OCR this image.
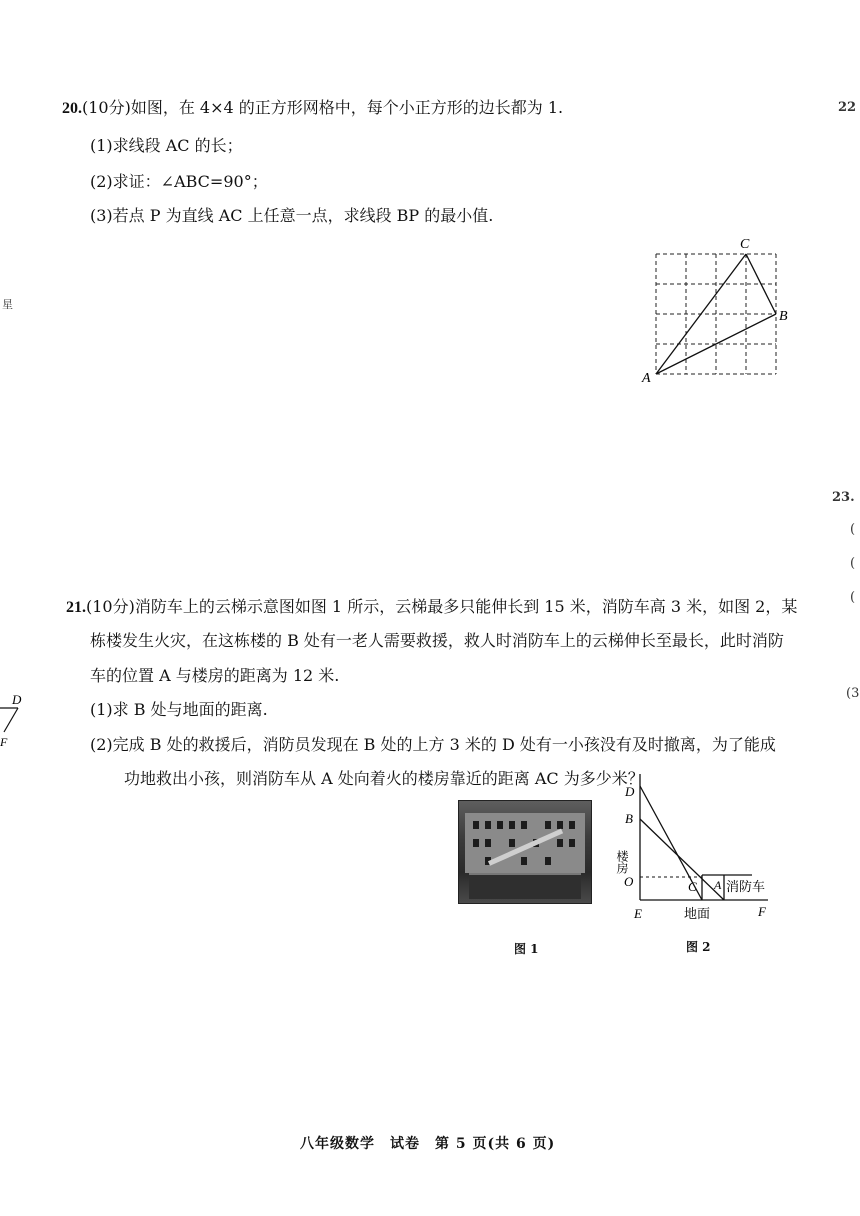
20.(10分)如图，在 4×4 的正方形网格中，每个小正方形的边长都为 1.
(1)求线段 AC 的长；
(2)求证：∠ABC=90°；
(3)若点 P 为直线 AC 上任意一点，求线段 BP 的最小值.
C
B
A
21.(10分)消防车上的云梯示意图如图 1 所示，云梯最多只能伸长到 15 米，消防车高 3 米，如图 2，某
栋楼发生火灾，在这栋楼的 B 处有一老人需要救援，救人时消防车上的云梯伸长至最长，此时消防
车的位置 A 与楼房的距离为 12 米.
(1)求 B 处与地面的距离.
(2)完成 B 处的救援后，消防员发现在 B 处的上方 3 米的 D 处有一小孩没有及时撤离，为了能成
功地救出小孩，则消防车从 A 处向着火的楼房靠近的距离 AC 为多少米？
图 1
D
B
楼房
O	C A 消防车
E	地面	F
图 2
22
星
23.
(
(
(
(3
D
F
八年级数学　试卷　第 5 页(共 6 页)
